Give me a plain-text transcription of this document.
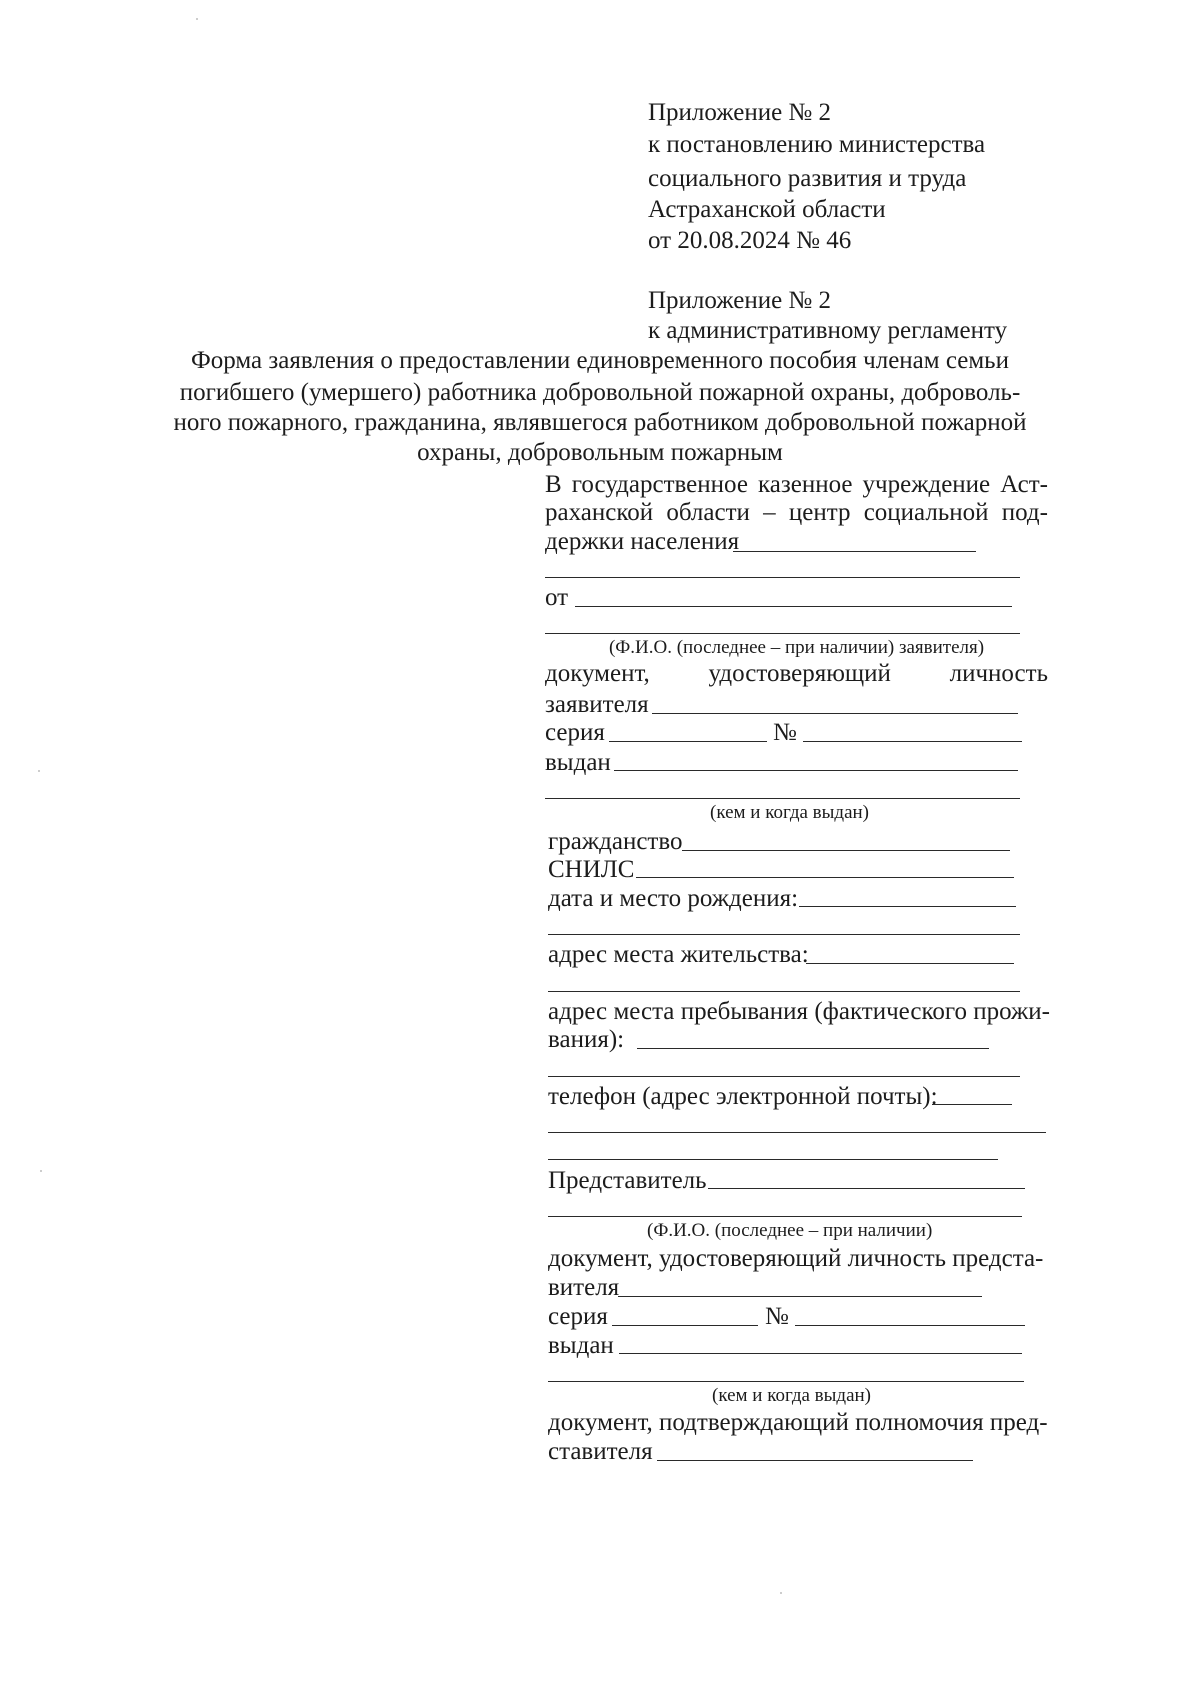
Приложение № 2
к постановлению министерства
социального развития и труда
Астраханской области
от 20.08.2024 № 46
Приложение № 2
к административному регламенту
Форма заявления о предоставлении единовременного пособия членам семьи
погибшего (умершего) работника добровольной пожарной охраны, доброволь-
ного пожарного, гражданина, являвшегося работником добровольной пожарной
охраны, добровольным пожарным
В государственное казенное учреждение Аст-
раханской области – центр социальной под-
держки населения
от
(Ф.И.О. (последнее – при наличии) заявителя)
документ, удостоверяющий личность
заявителя
серия	№
выдан
(кем и когда выдан)
гражданство
СНИЛС
дата и место рождения:
адрес места жительства:
адрес места пребывания (фактического прожи-
вания):
телефон (адрес электронной почты):
Представитель
(Ф.И.О. (последнее – при наличии)
документ, удостоверяющий личность предста-
вителя
серия	№
выдан
(кем и когда выдан)
документ, подтверждающий полномочия пред-
ставителя
